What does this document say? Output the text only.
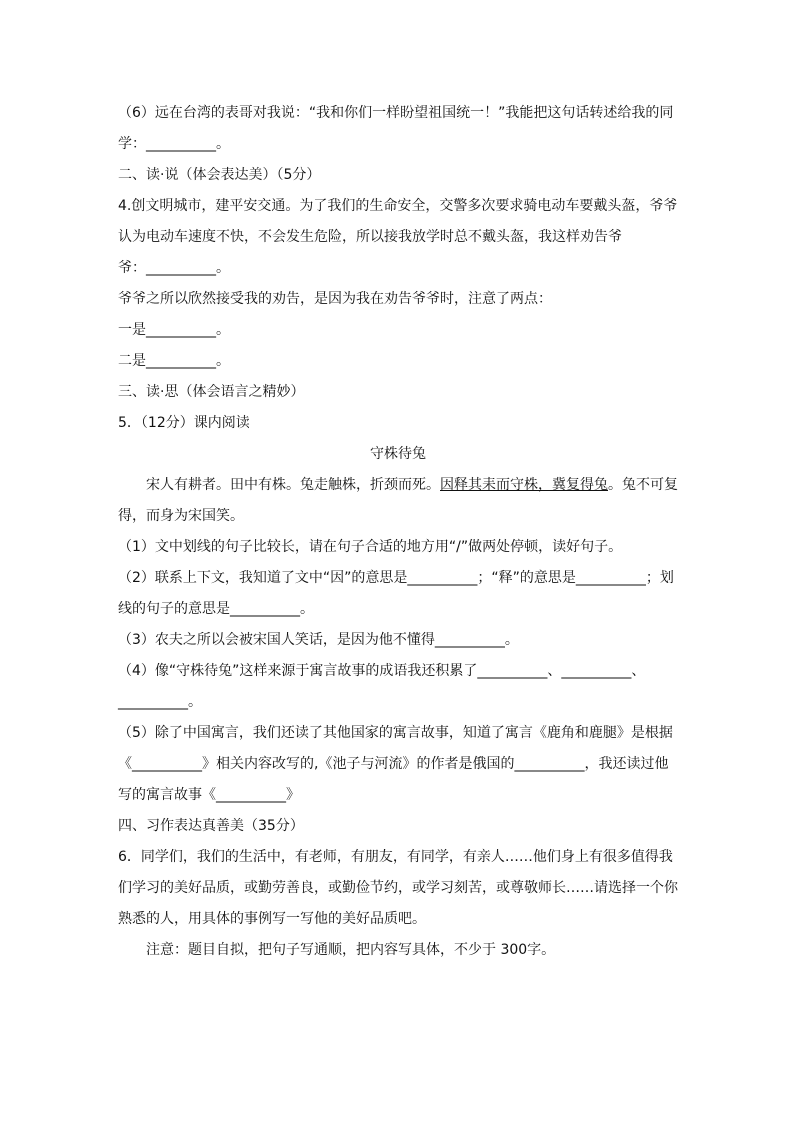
（6）远在台湾的表哥对我说：“我和你们一样盼望祖国统一！”我能把这句话转述给我的同

学：__________。

二、读·说（体会表达美）（5分）

4.创文明城市，建平安交通。为了我们的生命安全，交警多次要求骑电动车要戴头盔，爷爷

认为电动车速度不快，不会发生危险，所以接我放学时总不戴头盔，我这样劝告爷

爷：__________。

爷爷之所以欣然接受我的劝告，是因为我在劝告爷爷时，注意了两点：

一是__________。

二是__________。

三、读·思（体会语言之精妙）

5．（12分）课内阅读

守株待兔

宋人有耕者。田中有株。兔走触株，折颈而死。因释其耒而守株，冀复得兔。兔不可复

得，而身为宋国笑。

（1）文中划线的句子比较长，请在句子合适的地方用“/”做两处停顿，读好句子。

（2）联系上下文，我知道了文中“因”的意思是__________；“释”的意思是__________；划

线的句子的意思是__________。

（3）农夫之所以会被宋国人笑话，是因为他不懂得__________。

（4）像“守株待兔”这样来源于寓言故事的成语我还积累了__________、__________、

__________。

（5）除了中国寓言，我们还读了其他国家的寓言故事，知道了寓言《鹿角和鹿腿》是根据

《__________》相关内容改写的,《池子与河流》的作者是俄国的__________，我还读过他

写的寓言故事《__________》

四、习作表达真善美（35分）

6．同学们，我们的生活中，有老师，有朋友，有同学，有亲人……他们身上有很多值得我

们学习的美好品质，或勤劳善良，或勤俭节约，或学习刻苦，或尊敬师长……请选择一个你

熟悉的人，用具体的事例写一写他的美好品质吧。

注意：题目自拟，把句子写通顺，把内容写具体，不少于 300字。
